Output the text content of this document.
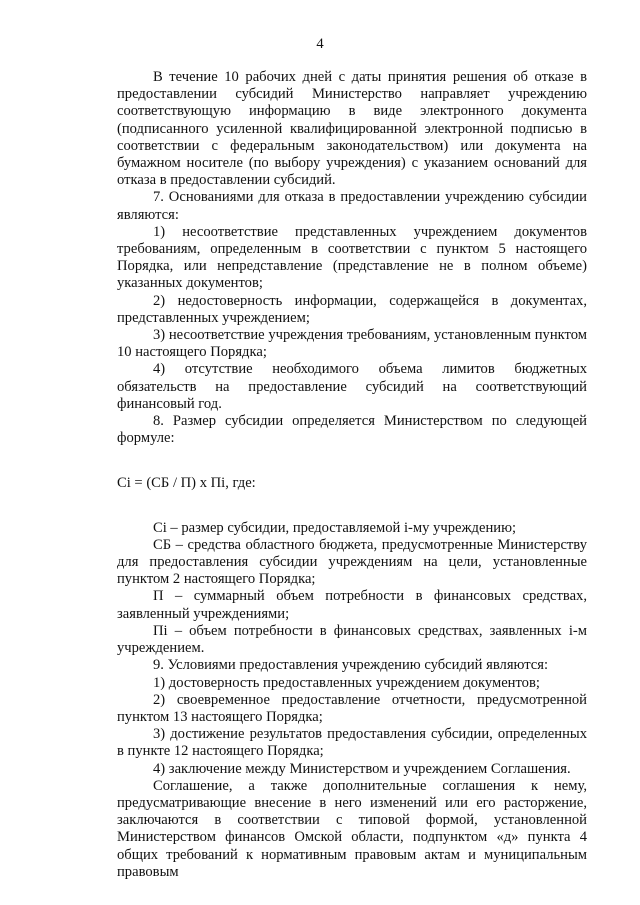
4

В течение 10 рабочих дней с даты принятия решения об отказе в предоставлении субсидий Министерство направляет учреждению соответствующую информацию в виде электронного документа (подписанного усиленной квалифицированной электронной подписью в соответствии с федеральным законодательством) или документа на бумажном носителе (по выбору учреждения) с указанием оснований для отказа в предоставлении субсидий.

7. Основаниями для отказа в предоставлении учреждению субсидии являются:

1) несоответствие представленных учреждением документов требованиям, определенным в соответствии с пунктом 5 настоящего Порядка, или непредставление (представление не в полном объеме) указанных документов;

2) недостоверность информации, содержащейся в документах, представленных учреждением;

3) несоответствие учреждения требованиям, установленным пунктом 10 настоящего Порядка;

4) отсутствие необходимого объема лимитов бюджетных обязательств на предоставление субсидий на соответствующий финансовый год.

8. Размер субсидии определяется Министерством по следующей формуле:

Сi = (СБ / П) х Пi, где:

Сi – размер субсидии, предоставляемой i-му учреждению;

СБ – средства областного бюджета, предусмотренные Министерству для предоставления субсидии учреждениям на цели, установленные пунктом 2 настоящего Порядка;

П – суммарный объем потребности в финансовых средствах, заявленный учреждениями;

Пi – объем потребности в финансовых средствах, заявленных i-м учреждением.

9. Условиями предоставления учреждению субсидий являются:

1) достоверность предоставленных учреждением документов;

2) своевременное предоставление отчетности, предусмотренной пунктом 13 настоящего Порядка;

3) достижение результатов предоставления субсидии, определенных в пункте 12 настоящего Порядка;

4) заключение между Министерством и учреждением Соглашения.

Соглашение, а также дополнительные соглашения к нему, предусматривающие внесение в него изменений или его расторжение, заключаются в соответствии с типовой формой, установленной Министерством финансов Омской области, подпунктом «д» пункта 4 общих требований к нормативным правовым актам и муниципальным правовым
